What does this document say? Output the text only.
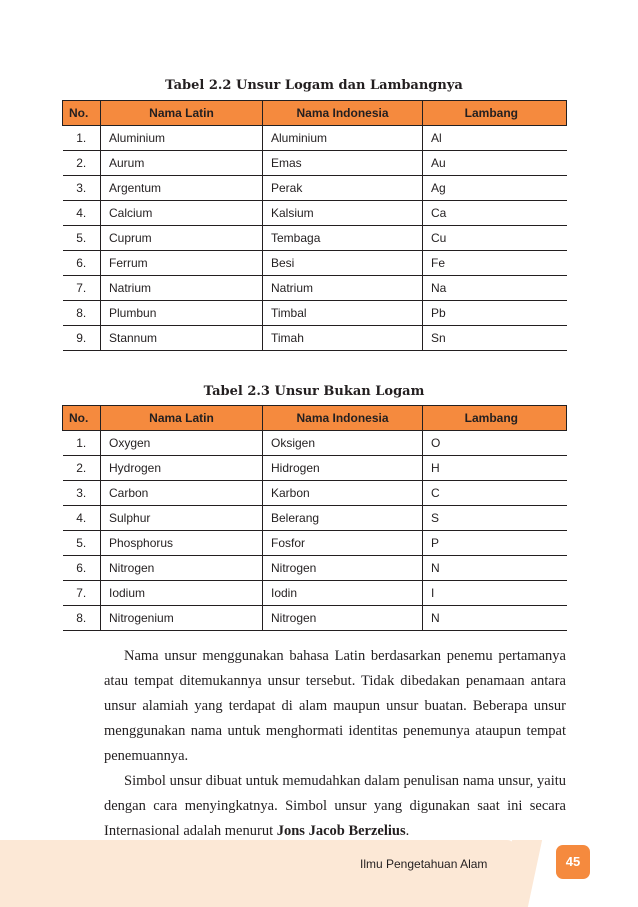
Tabel 2.2 Unsur Logam dan Lambangnya
No.	Nama Latin	Nama Indonesia	Lambang
1.	Aluminium	Aluminium	Al
2.	Aurum	Emas	Au
3.	Argentum	Perak	Ag
4.	Calcium	Kalsium	Ca
5.	Cuprum	Tembaga	Cu
6.	Ferrum	Besi	Fe
7.	Natrium	Natrium	Na
8.	Plumbun	Timbal	Pb
9.	Stannum	Timah	Sn
Tabel 2.3 Unsur Bukan Logam
No.	Nama Latin	Nama Indonesia	Lambang
1.	Oxygen	Oksigen	O
2.	Hydrogen	Hidrogen	H
3.	Carbon	Karbon	C
4.	Sulphur	Belerang	S
5.	Phosphorus	Fosfor	P
6.	Nitrogen	Nitrogen	N
7.	Iodium	Iodin	I
8.	Nitrogenium	Nitrogen	N

Nama unsur menggunakan bahasa Latin berdasarkan penemu pertamanya atau tempat ditemukannya unsur tersebut. Tidak dibedakan penamaan antara unsur alamiah yang terdapat di alam maupun unsur buatan. Beberapa unsur menggunakan nama untuk menghormati identitas penemunya ataupun tempat penemuannya.

Simbol unsur dibuat untuk memudahkan dalam penulisan nama unsur, yaitu dengan cara menyingkatnya. Simbol unsur yang digunakan saat ini secara Internasional adalah menurut Jons Jacob Berzelius.

Ilmu Pengetahuan Alam	45
